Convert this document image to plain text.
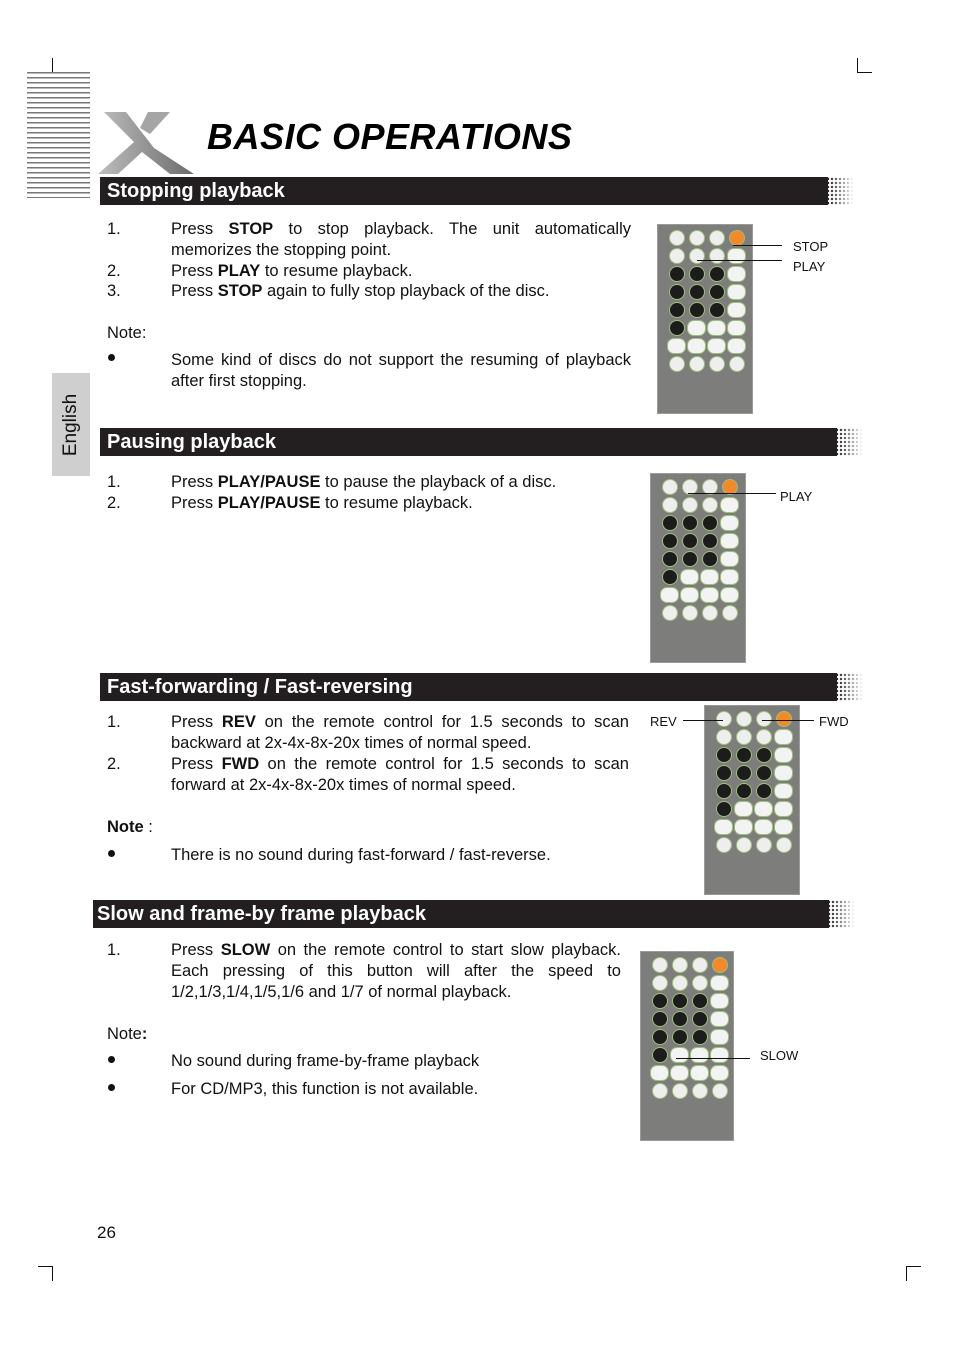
BASIC OPERATIONS
English
Stopping playback
1.	Press STOP to stop playback. The unit automatically memorizes the stopping point.
2.	Press PLAY to resume playback.
3.	Press STOP again to fully stop playback of the disc.
Note:
Some kind of discs do not support the resuming of playback after first stopping.
STOP
PLAY
Pausing playback
1.	Press PLAY/PAUSE to pause the playback of a disc.
2.	Press PLAY/PAUSE to resume playback.	PLAY
Fast-forwarding / Fast-reversing
1.	Press REV on the remote control for 1.5 seconds to scan backward at 2x-4x-8x-20x times of normal speed.
2.	Press FWD on the remote control for 1.5 seconds to scan forward at 2x-4x-8x-20x times of normal speed.
Note :
There is no sound during fast-forward / fast-reverse.
REV	FWD
Slow and frame-by frame playback
1.	Press SLOW on the remote control to start slow playback. Each pressing of this button will after the speed to 1/2,1/3,1/4,1/5,1/6 and 1/7 of normal playback.
Note:
No sound during frame-by-frame playback
For CD/MP3, this function is not available.
SLOW
26
